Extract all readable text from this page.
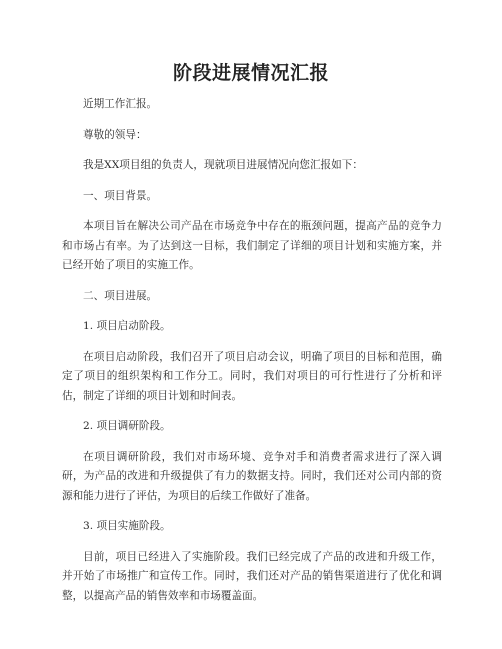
阶段进展情况汇报

近期工作汇报。

尊敬的领导：

我是XX项目组的负责人，现就项目进展情况向您汇报如下：

一、项目背景。

本项目旨在解决公司产品在市场竞争中存在的瓶颈问题，提高产品的竞争力和市场占有率。为了达到这一目标，我们制定了详细的项目计划和实施方案，并已经开始了项目的实施工作。

二、项目进展。

1. 项目启动阶段。

在项目启动阶段，我们召开了项目启动会议，明确了项目的目标和范围，确定了项目的组织架构和工作分工。同时，我们对项目的可行性进行了分析和评估，制定了详细的项目计划和时间表。

2. 项目调研阶段。

在项目调研阶段，我们对市场环境、竞争对手和消费者需求进行了深入调研，为产品的改进和升级提供了有力的数据支持。同时，我们还对公司内部的资源和能力进行了评估，为项目的后续工作做好了准备。

3. 项目实施阶段。

目前，项目已经进入了实施阶段。我们已经完成了产品的改进和升级工作，并开始了市场推广和宣传工作。同时，我们还对产品的销售渠道进行了优化和调整，以提高产品的销售效率和市场覆盖面。
